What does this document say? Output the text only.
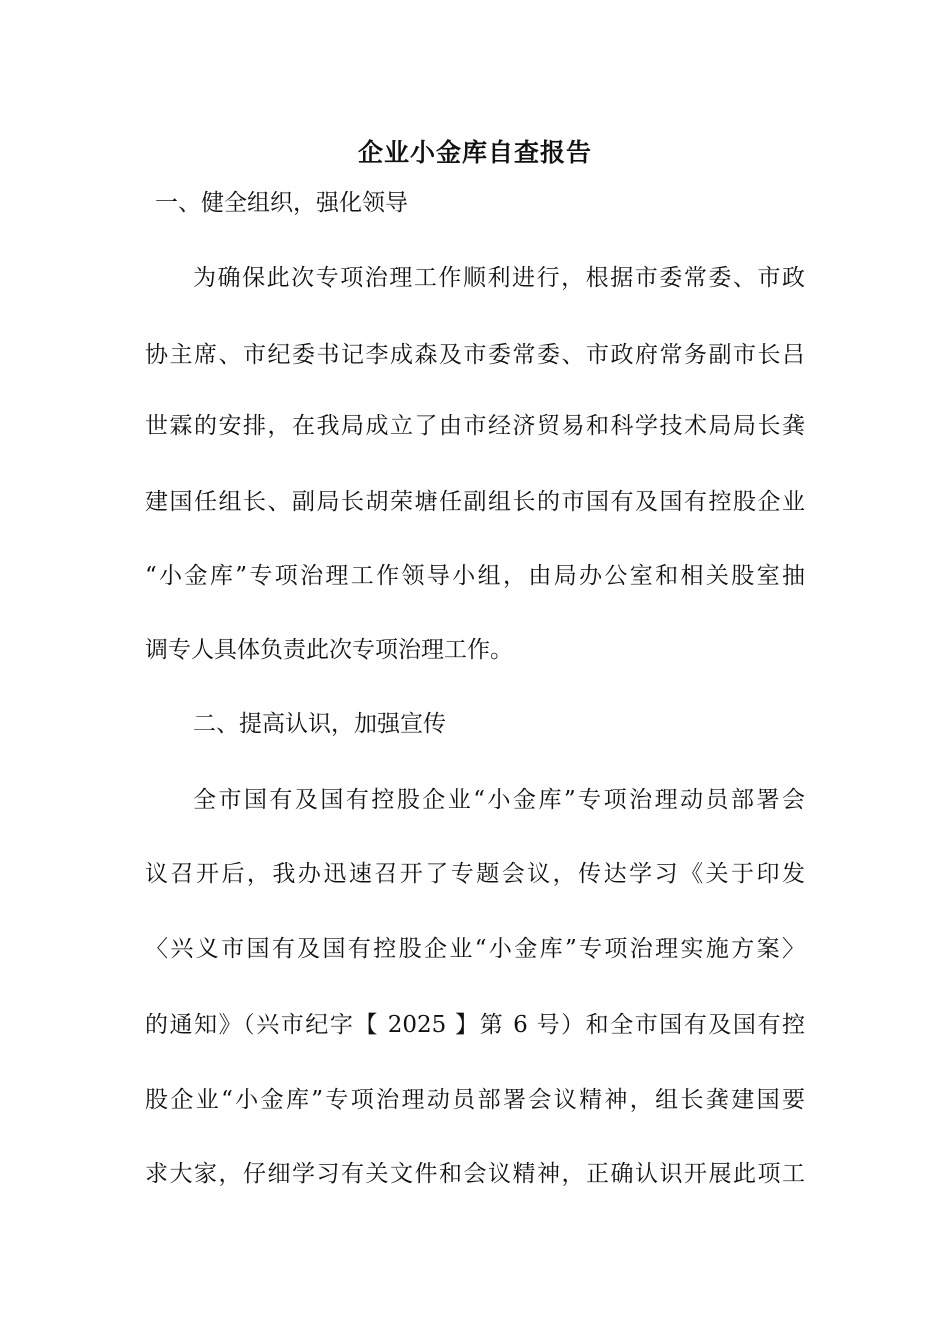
企业小金库自查报告

一、健全组织，强化领导

为确保此次专项治理工作顺利进行，根据市委常委、市政

协主席、市纪委书记李成森及市委常委、市政府常务副市长吕

世霖的安排，在我局成立了由市经济贸易和科学技术局局长龚

建国任组长、副局长胡荣塘任副组长的市国有及国有控股企业

“小金库”专项治理工作领导小组，由局办公室和相关股室抽

调专人具体负责此次专项治理工作。

二、提高认识，加强宣传

全市国有及国有控股企业“小金库”专项治理动员部署会

议召开后，我办迅速召开了专题会议，传达学习《关于印发

〈兴义市国有及国有控股企业“小金库”专项治理实施方案〉

的通知》（兴市纪字【 2025 】第 6 号）和全市国有及国有控

股企业“小金库”专项治理动员部署会议精神，组长龚建国要

求大家，仔细学习有关文件和会议精神，正确认识开展此项工
